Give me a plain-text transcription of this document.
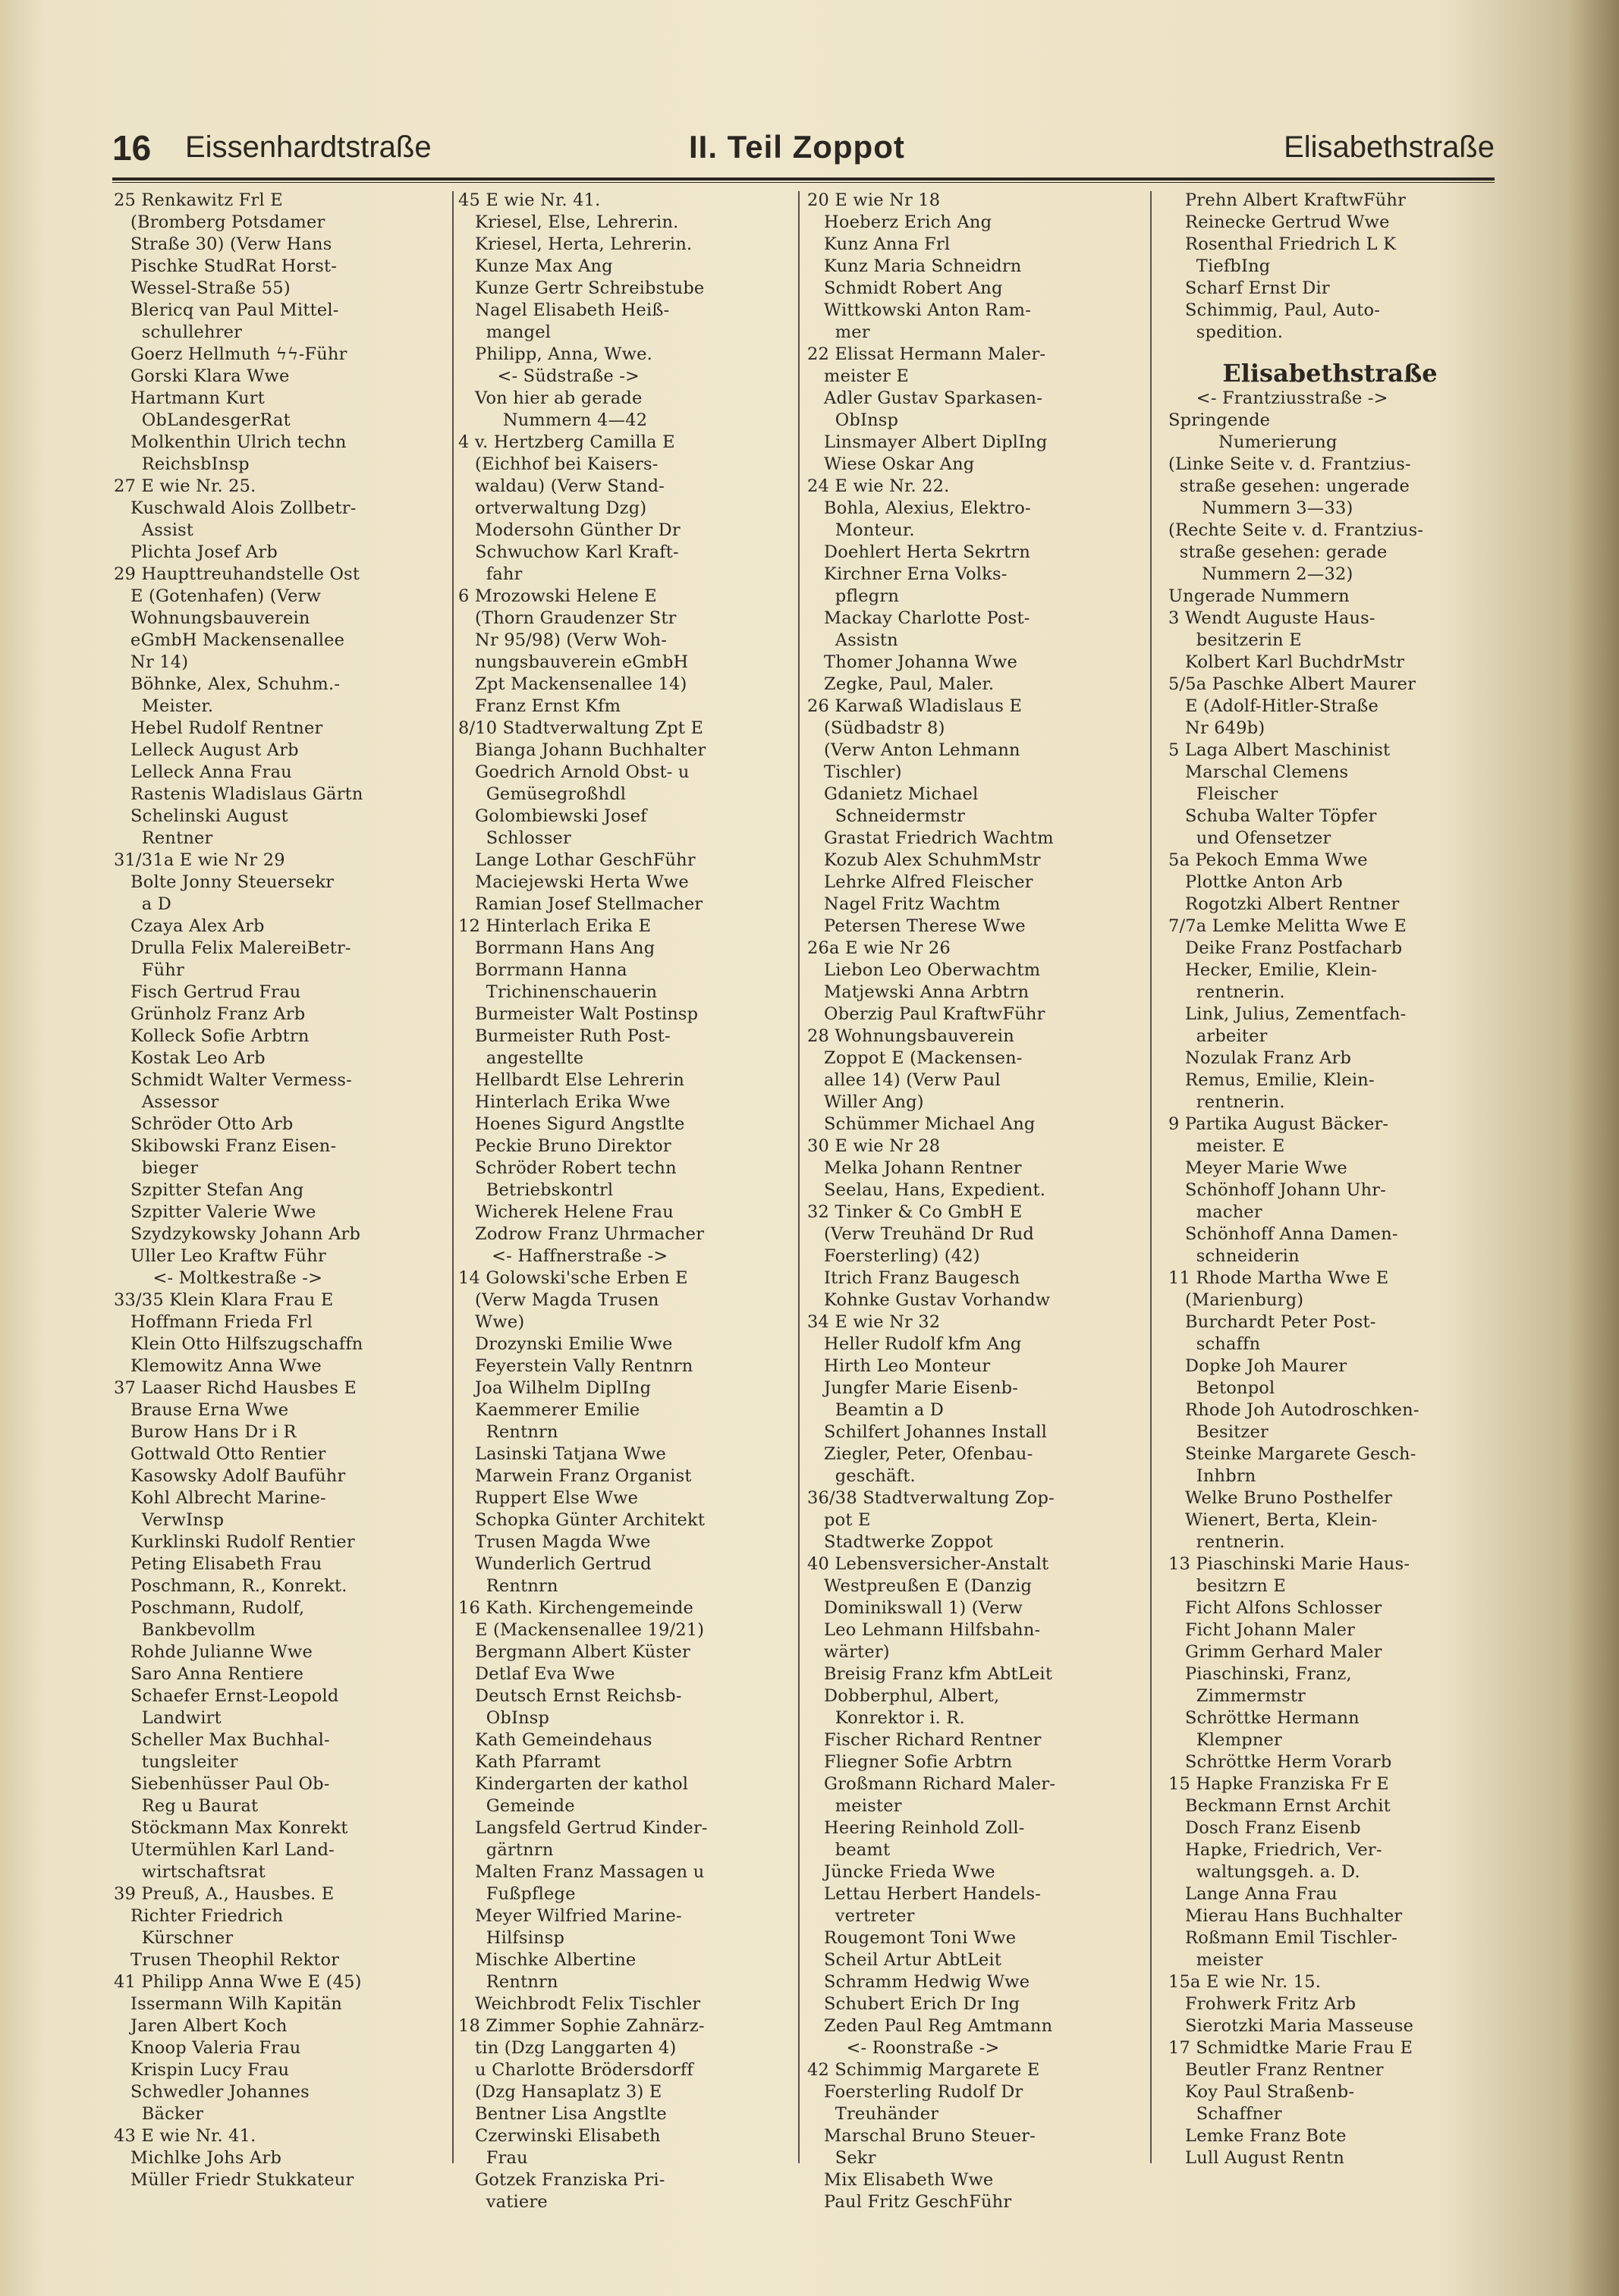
16 Eissenhardtstraße	II. Teil Zoppot	Elisabethstraße
25 Renkawitz Frl E
(Bromberg Potsdamer
Straße 30) (Verw Hans
Pischke StudRat Horst-
Wessel-Straße 55)
Blericq van Paul Mittel-
schullehrer
Goerz Hellmuth ϟϟ-Führ
Gorski Klara Wwe
Hartmann Kurt
ObLandesgerRat
Molkenthin Ulrich techn
ReichsbInsp
27 E wie Nr. 25.
Kuschwald Alois Zollbetr-
Assist
Plichta Josef Arb
29 Haupttreuhandstelle Ost
E (Gotenhafen) (Verw
Wohnungsbauverein
eGmbH Mackensenallee
Nr 14)
Böhnke, Alex, Schuhm.-
Meister.
Hebel Rudolf Rentner
Lelleck August Arb
Lelleck Anna Frau
Rastenis Wladislaus Gärtn
Schelinski August
Rentner
31/31a E wie Nr 29
Bolte Jonny Steuersekr
a D
Czaya Alex Arb
Drulla Felix MalereiBetr-
Führ
Fisch Gertrud Frau
Grünholz Franz Arb
Kolleck Sofie Arbtrn
Kostak Leo Arb
Schmidt Walter Vermess-
Assessor
Schröder Otto Arb
Skibowski Franz Eisen-
bieger
Szpitter Stefan Ang
Szpitter Valerie Wwe
Szydzykowsky Johann Arb
Uller Leo Kraftw Führ
<- Moltkestraße ->
33/35 Klein Klara Frau E
Hoffmann Frieda Frl
Klein Otto Hilfszugschaffn
Klemowitz Anna Wwe
37 Laaser Richd Hausbes E
Brause Erna Wwe
Burow Hans Dr i R
Gottwald Otto Rentier
Kasowsky Adolf Bauführ
Kohl Albrecht Marine-
VerwInsp
Kurklinski Rudolf Rentier
Peting Elisabeth Frau
Poschmann, R., Konrekt.
Poschmann, Rudolf,
Bankbevollm
Rohde Julianne Wwe
Saro Anna Rentiere
Schaefer Ernst-Leopold
Landwirt
Scheller Max Buchhal-
tungsleiter
Siebenhüsser Paul Ob-
Reg u Baurat
Stöckmann Max Konrekt
Utermühlen Karl Land-
wirtschaftsrat
39 Preuß, A., Hausbes. E
Richter Friedrich
Kürschner
Trusen Theophil Rektor
41 Philipp Anna Wwe E (45)
Issermann Wilh Kapitän
Jaren Albert Koch
Knoop Valeria Frau
Krispin Lucy Frau
Schwedler Johannes
Bäcker
43 E wie Nr. 41.
Michlke Johs Arb
Müller Friedr Stukkateur
45 E wie Nr. 41.
Kriesel, Else, Lehrerin.
Kriesel, Herta, Lehrerin.
Kunze Max Ang
Kunze Gertr Schreibstube
Nagel Elisabeth Heiß-
mangel
Philipp, Anna, Wwe.
<- Südstraße ->
Von hier ab gerade
Nummern 4—42
4 v. Hertzberg Camilla E
(Eichhof bei Kaisers-
waldau) (Verw Stand-
ortverwaltung Dzg)
Modersohn Günther Dr
Schwuchow Karl Kraft-
fahr
6 Mrozowski Helene E
(Thorn Graudenzer Str
Nr 95/98) (Verw Woh-
nungsbauverein eGmbH
Zpt Mackensenallee 14)
Franz Ernst Kfm
8/10 Stadtverwaltung Zpt E
Bianga Johann Buchhalter
Goedrich Arnold Obst- u
Gemüsegroßhdl
Golombiewski Josef
Schlosser
Lange Lothar GeschFühr
Maciejewski Herta Wwe
Ramian Josef Stellmacher
12 Hinterlach Erika E
Borrmann Hans Ang
Borrmann Hanna
Trichinenschauerin
Burmeister Walt Postinsp
Burmeister Ruth Post-
angestellte
Hellbardt Else Lehrerin
Hinterlach Erika Wwe
Hoenes Sigurd Angstlte
Peckie Bruno Direktor
Schröder Robert techn
Betriebskontrl
Wicherek Helene Frau
Zodrow Franz Uhrmacher
<- Haffnerstraße ->
14 Golowski'sche Erben E
(Verw Magda Trusen
Wwe)
Drozynski Emilie Wwe
Feyerstein Vally Rentnrn
Joa Wilhelm DiplIng
Kaemmerer Emilie
Rentnrn
Lasinski Tatjana Wwe
Marwein Franz Organist
Ruppert Else Wwe
Schopka Günter Architekt
Trusen Magda Wwe
Wunderlich Gertrud
Rentnrn
16 Kath. Kirchengemeinde
E (Mackensenallee 19/21)
Bergmann Albert Küster
Detlaf Eva Wwe
Deutsch Ernst Reichsb-
ObInsp
Kath Gemeindehaus
Kath Pfarramt
Kindergarten der kathol
Gemeinde
Langsfeld Gertrud Kinder-
gärtnrn
Malten Franz Massagen u
Fußpflege
Meyer Wilfried Marine-
Hilfsinsp
Mischke Albertine
Rentnrn
Weichbrodt Felix Tischler
18 Zimmer Sophie Zahnärz-
tin (Dzg Langgarten 4)
u Charlotte Brödersdorff
(Dzg Hansaplatz 3) E
Bentner Lisa Angstlte
Czerwinski Elisabeth
Frau
Gotzek Franziska Pri-
vatiere
20 E wie Nr 18
Hoeberz Erich Ang
Kunz Anna Frl
Kunz Maria Schneidrn
Schmidt Robert Ang
Wittkowski Anton Ram-
mer
22 Elissat Hermann Maler-
meister E
Adler Gustav Sparkasen-
ObInsp
Linsmayer Albert DiplIng
Wiese Oskar Ang
24 E wie Nr. 22.
Bohla, Alexius, Elektro-
Monteur.
Doehlert Herta Sekrtrn
Kirchner Erna Volks-
pflegrn
Mackay Charlotte Post-
Assistn
Thomer Johanna Wwe
Zegke, Paul, Maler.
26 Karwaß Wladislaus E
(Südbadstr 8)
(Verw Anton Lehmann
Tischler)
Gdanietz Michael
Schneidermstr
Grastat Friedrich Wachtm
Kozub Alex SchuhmMstr
Lehrke Alfred Fleischer
Nagel Fritz Wachtm
Petersen Therese Wwe
26a E wie Nr 26
Liebon Leo Oberwachtm
Matjewski Anna Arbtrn
Oberzig Paul KraftwFühr
28 Wohnungsbauverein
Zoppot E (Mackensen-
allee 14) (Verw Paul
Willer Ang)
Schümmer Michael Ang
30 E wie Nr 28
Melka Johann Rentner
Seelau, Hans, Expedient.
32 Tinker & Co GmbH E
(Verw Treuhänd Dr Rud
Foersterling) (42)
Itrich Franz Baugesch
Kohnke Gustav Vorhandw
34 E wie Nr 32
Heller Rudolf kfm Ang
Hirth Leo Monteur
Jungfer Marie Eisenb-
Beamtin a D
Schilfert Johannes Install
Ziegler, Peter, Ofenbau-
geschäft.
36/38 Stadtverwaltung Zop-
pot E
Stadtwerke Zoppot
40 Lebensversicher-Anstalt
Westpreußen E (Danzig
Dominikswall 1) (Verw
Leo Lehmann Hilfsbahn-
wärter)
Breisig Franz kfm AbtLeit
Dobberphul, Albert,
Konrektor i. R.
Fischer Richard Rentner
Fliegner Sofie Arbtrn
Großmann Richard Maler-
meister
Heering Reinhold Zoll-
beamt
Jüncke Frieda Wwe
Lettau Herbert Handels-
vertreter
Rougemont Toni Wwe
Scheil Artur AbtLeit
Schramm Hedwig Wwe
Schubert Erich Dr Ing
Zeden Paul Reg Amtmann
<- Roonstraße ->
42 Schimmig Margarete E
Foersterling Rudolf Dr
Treuhänder
Marschal Bruno Steuer-
Sekr
Mix Elisabeth Wwe
Paul Fritz GeschFühr
Prehn Albert KraftwFühr
Reinecke Gertrud Wwe
Rosenthal Friedrich L K
TiefbIng
Scharf Ernst Dir
Schimmig, Paul, Auto-
spedition.
<- Frantziusstraße ->
Springende
Numerierung
(Linke Seite v. d. Frantzius-
straße gesehen: ungerade
Nummern 3—33)
(Rechte Seite v. d. Frantzius-
straße gesehen: gerade
Nummern 2—32)
Ungerade Nummern
3 Wendt Auguste Haus-
besitzerin E
Kolbert Karl BuchdrMstr
5/5a Paschke Albert Maurer
E (Adolf-Hitler-Straße
Nr 649b)
5 Laga Albert Maschinist
Marschal Clemens
Fleischer
Schuba Walter Töpfer
und Ofensetzer
5a Pekoch Emma Wwe
Plottke Anton Arb
Rogotzki Albert Rentner
7/7a Lemke Melitta Wwe E
Deike Franz Postfacharb
Hecker, Emilie, Klein-
rentnerin.
Link, Julius, Zementfach-
arbeiter
Nozulak Franz Arb
Remus, Emilie, Klein-
rentnerin.
9 Partika August Bäcker-
meister. E
Meyer Marie Wwe
Schönhoff Johann Uhr-
macher
Schönhoff Anna Damen-
schneiderin
11 Rhode Martha Wwe E
(Marienburg)
Burchardt Peter Post-
schaffn
Dopke Joh Maurer
Betonpol
Rhode Joh Autodroschken-
Besitzer
Steinke Margarete Gesch-
Inhbrn
Welke Bruno Posthelfer
Wienert, Berta, Klein-
rentnerin.
13 Piaschinski Marie Haus-
besitzrn E
Ficht Alfons Schlosser
Ficht Johann Maler
Grimm Gerhard Maler
Piaschinski, Franz,
Zimmermstr
Schröttke Hermann
Klempner
Schröttke Herm Vorarb
15 Hapke Franziska Fr E
Beckmann Ernst Archit
Dosch Franz Eisenb
Hapke, Friedrich, Ver-
waltungsgeh. a. D.
Lange Anna Frau
Mierau Hans Buchhalter
Roßmann Emil Tischler-
meister
15a E wie Nr. 15.
Frohwerk Fritz Arb
Sierotzki Maria Masseuse
17 Schmidtke Marie Frau E
Beutler Franz Rentner
Koy Paul Straßenb-
Schaffner
Lemke Franz Bote
Lull August Rentn
Elisabethstraße
